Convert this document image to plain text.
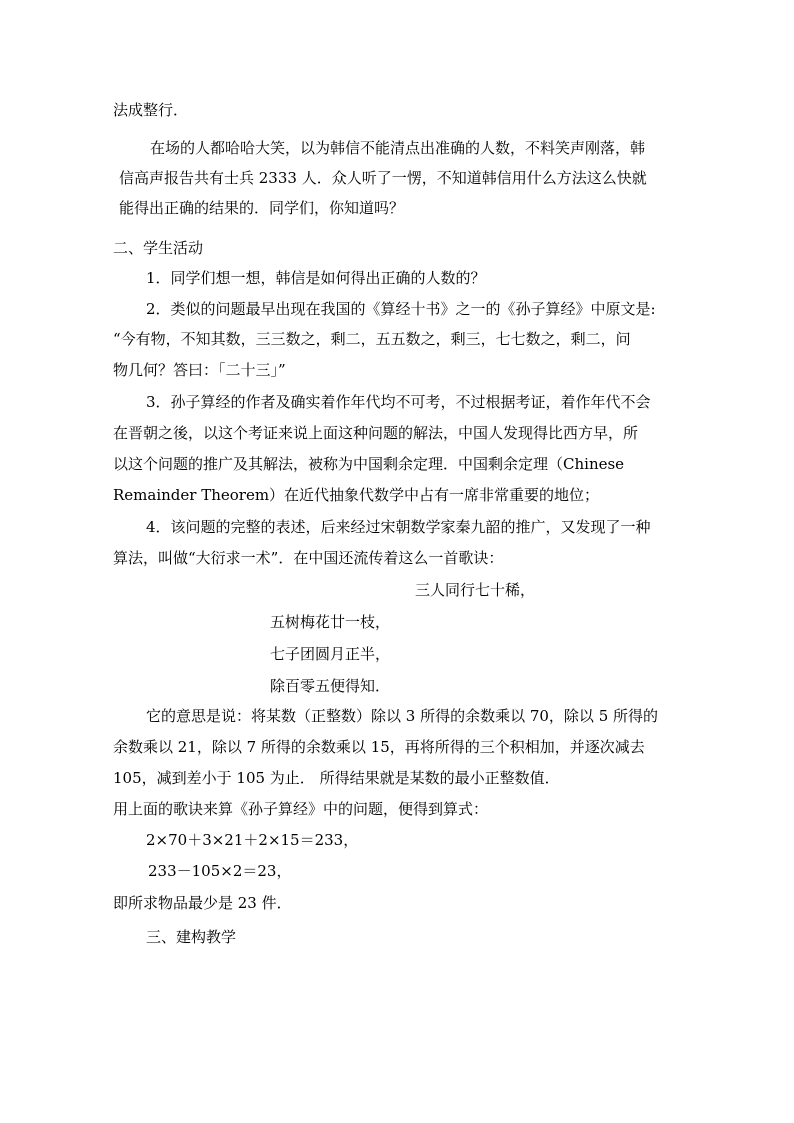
法成整行．
在场的人都哈哈大笑，以为韩信不能清点出准确的人数，不料笑声刚落，韩
信高声报告共有士兵 2333 人．众人听了一愣，不知道韩信用什么方法这么快就
能得出正确的结果的．同学们，你知道吗？
二、学生活动
1．同学们想一想，韩信是如何得出正确的人数的？
2．类似的问题最早出现在我国的《算经十书》之一的《孙子算经》中原文是:
“今有物，不知其数，三三数之，剩二，五五数之，剩三，七七数之，剩二，问
物几何？答曰：「二十三」”
3．孙子算经的作者及确实着作年代均不可考，不过根据考证，着作年代不会
在晋朝之後，以这个考证来说上面这种问题的解法，中国人发现得比西方早，所
以这个问题的推广及其解法，被称为中国剩余定理．中国剩余定理（Chinese
Remainder Theorem）在近代抽象代数学中占有一席非常重要的地位；
4．该问题的完整的表述，后来经过宋朝数学家秦九韶的推广，又发现了一种
算法，叫做“大衍求一术”．在中国还流传着这么一首歌诀：
三人同行七十稀，
五树梅花廿一枝，
七子团圆月正半，
除百零五便得知．
它的意思是说：将某数（正整数）除以 3 所得的余数乘以 70，除以 5 所得的
余数乘以 21，除以 7 所得的余数乘以 15，再将所得的三个积相加，并逐次减去
105，减到差小于 105 为止． 所得结果就是某数的最小正整数值．
用上面的歌诀来算《孙子算经》中的问题，便得到算式：
2×70＋3×21＋2×15＝233，
233－105×2＝23，
即所求物品最少是 23 件．
三、建构教学
